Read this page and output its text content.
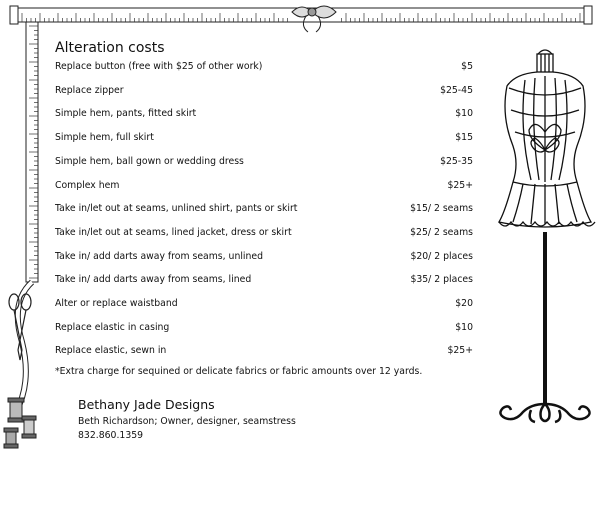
Alteration costs
Replace button (free with $25 of other work)	$5
Replace zipper	$25-45
Simple hem, pants, fitted skirt	$10
Simple hem, full skirt	$15
Simple hem, ball gown or wedding dress	$25-35
Complex hem	$25+
Take in/let out at seams, unlined shirt, pants or skirt	$15/ 2 seams
Take in/let out at seams, lined jacket, dress or skirt	$25/ 2 seams
Take in/ add darts away from seams, unlined	$20/ 2 places
Take in/ add darts away from seams, lined	$35/ 2 places
Alter or replace waistband	$20
Replace elastic in casing	$10
Replace elastic, sewn in	$25+
*Extra charge for sequined or delicate fabrics or fabric amounts over 12 yards.
Bethany Jade Designs
Beth Richardson; Owner, designer, seamstress
832.860.1359
